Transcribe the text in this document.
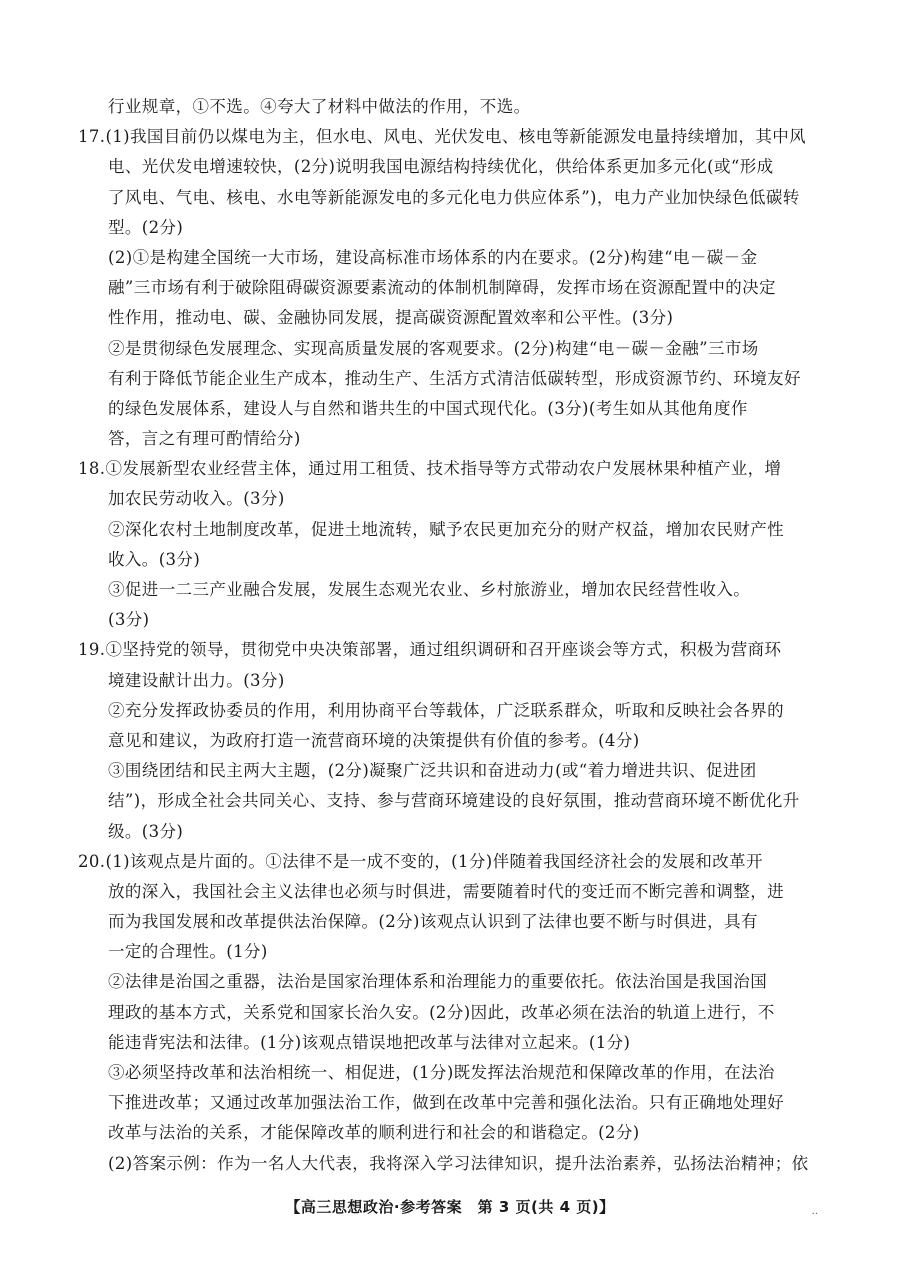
行业规章，①不选。④夸大了材料中做法的作用，不选。
17.(1)我国目前仍以煤电为主，但水电、风电、光伏发电、核电等新能源发电量持续增加，其中风
电、光伏发电增速较快，(2分)说明我国电源结构持续优化，供给体系更加多元化(或“形成
了风电、气电、核电、水电等新能源发电的多元化电力供应体系”)，电力产业加快绿色低碳转
型。(2分)
(2)①是构建全国统一大市场，建设高标准市场体系的内在要求。(2分)构建“电－碳－金
融”三市场有利于破除阻碍碳资源要素流动的体制机制障碍，发挥市场在资源配置中的决定
性作用，推动电、碳、金融协同发展，提高碳资源配置效率和公平性。(3分)
②是贯彻绿色发展理念、实现高质量发展的客观要求。(2分)构建“电－碳－金融”三市场
有利于降低节能企业生产成本，推动生产、生活方式清洁低碳转型，形成资源节约、环境友好
的绿色发展体系，建设人与自然和谐共生的中国式现代化。(3分)(考生如从其他角度作
答，言之有理可酌情给分)
18.①发展新型农业经营主体，通过用工租赁、技术指导等方式带动农户发展林果种植产业，增
加农民劳动收入。(3分)
②深化农村土地制度改革，促进土地流转，赋予农民更加充分的财产权益，增加农民财产性
收入。(3分)
③促进一二三产业融合发展，发展生态观光农业、乡村旅游业，增加农民经营性收入。
(3分)
19.①坚持党的领导，贯彻党中央决策部署，通过组织调研和召开座谈会等方式，积极为营商环
境建设献计出力。(3分)
②充分发挥政协委员的作用，利用协商平台等载体，广泛联系群众，听取和反映社会各界的
意见和建议，为政府打造一流营商环境的决策提供有价值的参考。(4分)
③围绕团结和民主两大主题，(2分)凝聚广泛共识和奋进动力(或“着力增进共识、促进团
结”)，形成全社会共同关心、支持、参与营商环境建设的良好氛围，推动营商环境不断优化升
级。(3分)
20.(1)该观点是片面的。①法律不是一成不变的，(1分)伴随着我国经济社会的发展和改革开
放的深入，我国社会主义法律也必须与时俱进，需要随着时代的变迁而不断完善和调整，进
而为我国发展和改革提供法治保障。(2分)该观点认识到了法律也要不断与时俱进，具有
一定的合理性。(1分)
②法律是治国之重器，法治是国家治理体系和治理能力的重要依托。依法治国是我国治国
理政的基本方式，关系党和国家长治久安。(2分)因此，改革必须在法治的轨道上进行，不
能违背宪法和法律。(1分)该观点错误地把改革与法律对立起来。(1分)
③必须坚持改革和法治相统一、相促进，(1分)既发挥法治规范和保障改革的作用，在法治
下推进改革；又通过改革加强法治工作，做到在改革中完善和强化法治。只有正确地处理好
改革与法治的关系，才能保障改革的顺利进行和社会的和谐稳定。(2分)
(2)答案示例：作为一名人大代表，我将深入学习法律知识，提升法治素养，弘扬法治精神；依
【高三思想政治·参考答案　第 3 页(共 4 页)】	..
